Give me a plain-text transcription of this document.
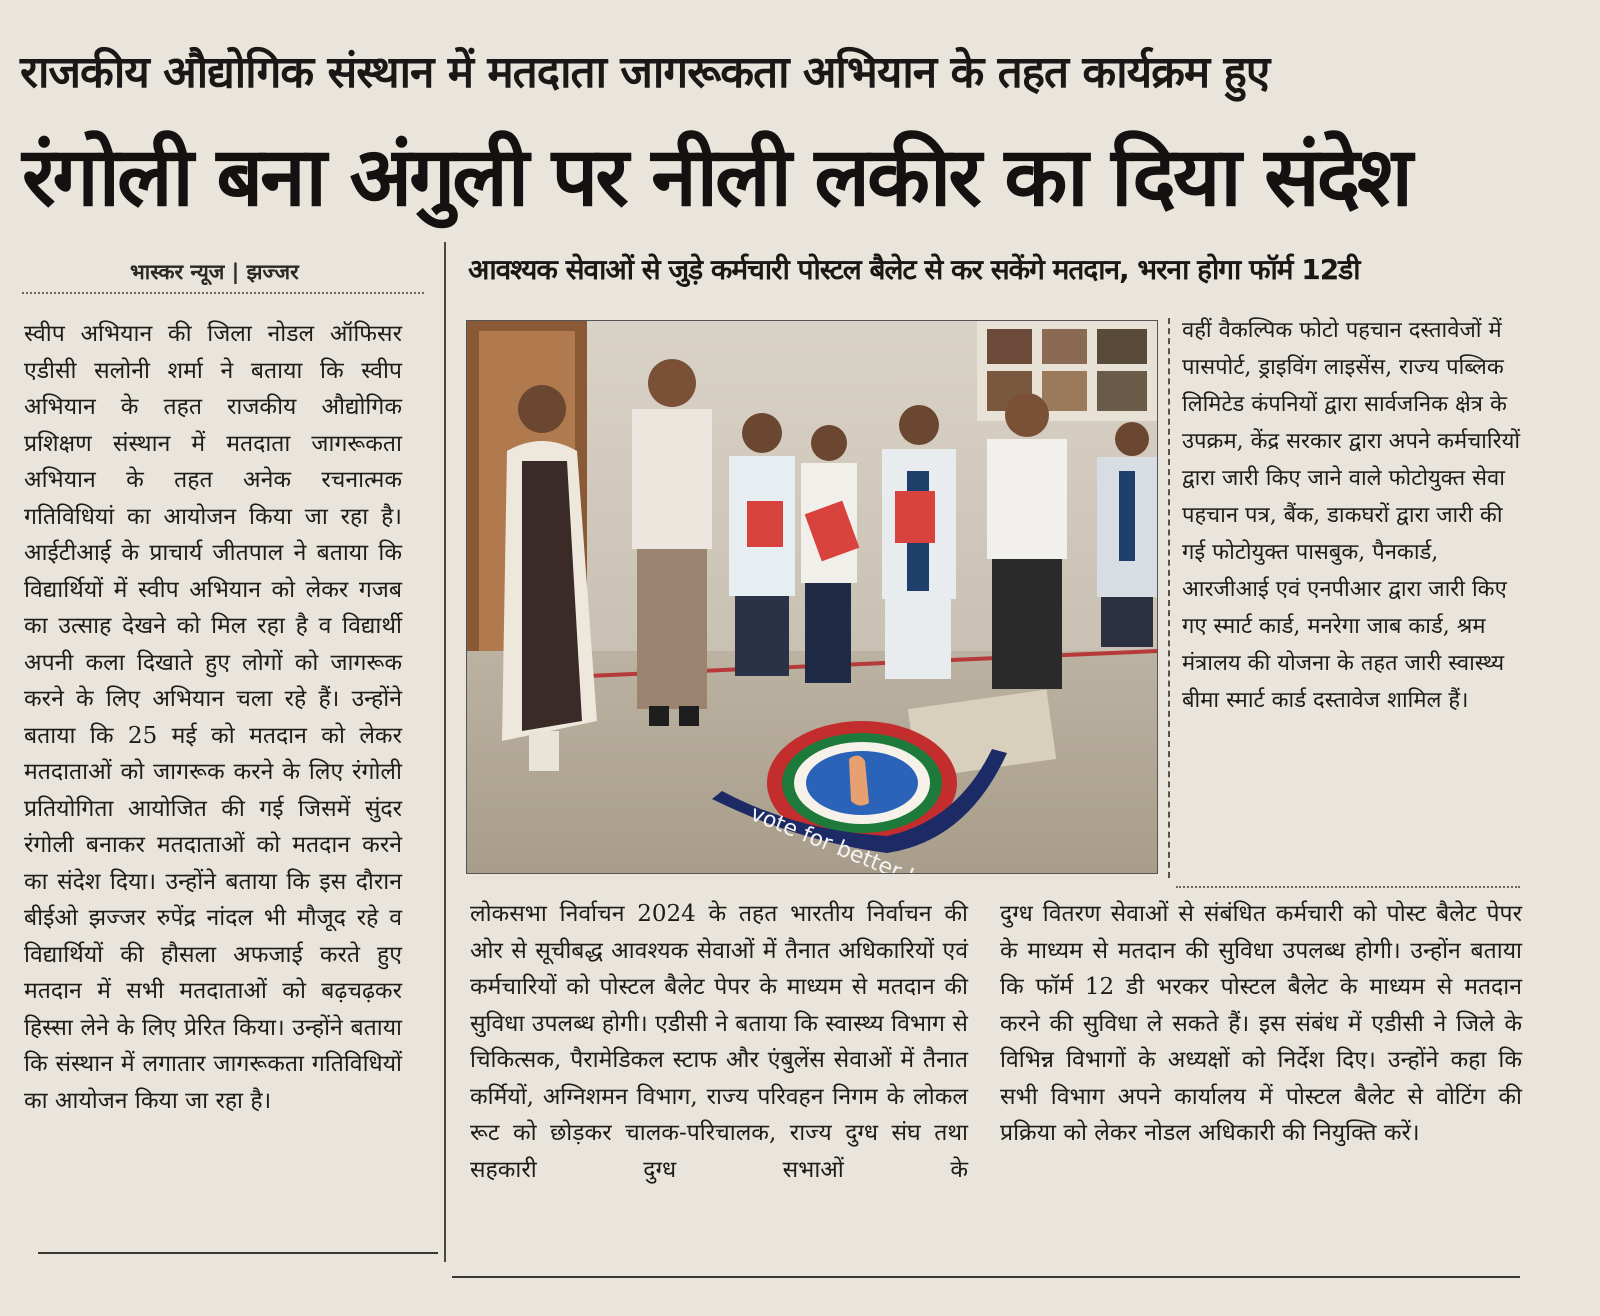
राजकीय औद्योगिक संस्थान में मतदाता जागरूकता अभियान के तहत कार्यक्रम हुए
रंगोली बना अंगुली पर नीली लकीर का दिया संदेश
भास्कर न्यूज | झज्जर	आवश्यक सेवाओं से जुड़े कर्मचारी पोस्टल बैलेट से कर सकेंगे मतदान, भरना होगा फॉर्म 12डी
स्वीप अभियान की जिला नोडल ऑफिसर एडीसी सलोनी शर्मा ने बताया कि स्वीप अभियान के तहत राजकीय औद्योगिक प्रशिक्षण संस्थान में मतदाता जागरूकता अभियान के तहत अनेक रचनात्मक गतिविधियां का आयोजन किया जा रहा है। आईटीआई के प्राचार्य जीतपाल ने बताया कि विद्यार्थियों में स्वीप अभियान को लेकर गजब का उत्साह देखने को मिल रहा है व विद्यार्थी अपनी कला दिखाते हुए लोगों को जागरूक करने के लिए अभियान चला रहे हैं। उन्होंने बताया कि 25 मई को मतदान को लेकर मतदाताओं को जागरूक करने के लिए रंगोली प्रतियोगिता आयोजित की गई जिसमें सुंदर रंगोली बनाकर मतदाताओं को मतदान करने का संदेश दिया। उन्होंने बताया कि इस दौरान बीईओ झज्जर रुपेंद्र नांदल भी मौजूद रहे व विद्यार्थियों की हौसला अफजाई करते हुए मतदान में सभी मतदाताओं को बढ़चढ़कर हिस्सा लेने के लिए प्रेरित किया। उन्होंने बताया कि संस्थान में लगातार जागरूकता गतिविधियों का आयोजन किया जा रहा है।
वहीं वैकल्पिक फोटो पहचान दस्तावेजों में पासपोर्ट, ड्राइविंग लाइसेंस, राज्य पब्लिक लिमिटेड कंपनियों द्वारा सार्वजनिक क्षेत्र के उपक्रम, केंद्र सरकार द्वारा अपने कर्मचारियों द्वारा जारी किए जाने वाले फोटोयुक्त सेवा पहचान पत्र, बैंक, डाकघरों द्वारा जारी की गई फोटोयुक्त पासबुक, पैनकार्ड, आरजीआई एवं एनपीआर द्वारा जारी किए गए स्मार्ट कार्ड, मनरेगा जाब कार्ड, श्रम मंत्रालय की योजना के तहत जारी स्वास्थ्य बीमा स्मार्ट कार्ड दस्तावेज शामिल हैं।
लोकसभा निर्वाचन 2024 के तहत भारतीय निर्वाचन की ओर से सूचीबद्ध आवश्यक सेवाओं में तैनात अधिकारियों एवं कर्मचारियों को पोस्टल बैलेट पेपर के माध्यम से मतदान की सुविधा उपलब्ध होगी। एडीसी ने बताया कि स्वास्थ्य विभाग से चिकित्सक, पैरामेडिकल स्टाफ और एंबुलेंस सेवाओं में तैनात कर्मियों, अग्निशमन विभाग, राज्य परिवहन निगम के लोकल रूट को छोड़कर चालक-परिचालक, राज्य दुग्ध संघ तथा सहकारी दुग्ध सभाओं के
दुग्ध वितरण सेवाओं से संबंधित कर्मचारी को पोस्ट बैलेट पेपर के माध्यम से मतदान की सुविधा उपलब्ध होगी। उन्होंन बताया कि फॉर्म 12 डी भरकर पोस्टल बैलेट के माध्यम से मतदान करने की सुविधा ले सकते हैं। इस संबंध में एडीसी ने जिले के विभिन्न विभागों के अध्यक्षों को निर्देश दिए। उन्होंने कहा कि सभी विभाग अपने कार्यालय में पोस्टल बैलेट से वोटिंग की प्रक्रिया को लेकर नोडल अधिकारी की नियुक्ति करें।
